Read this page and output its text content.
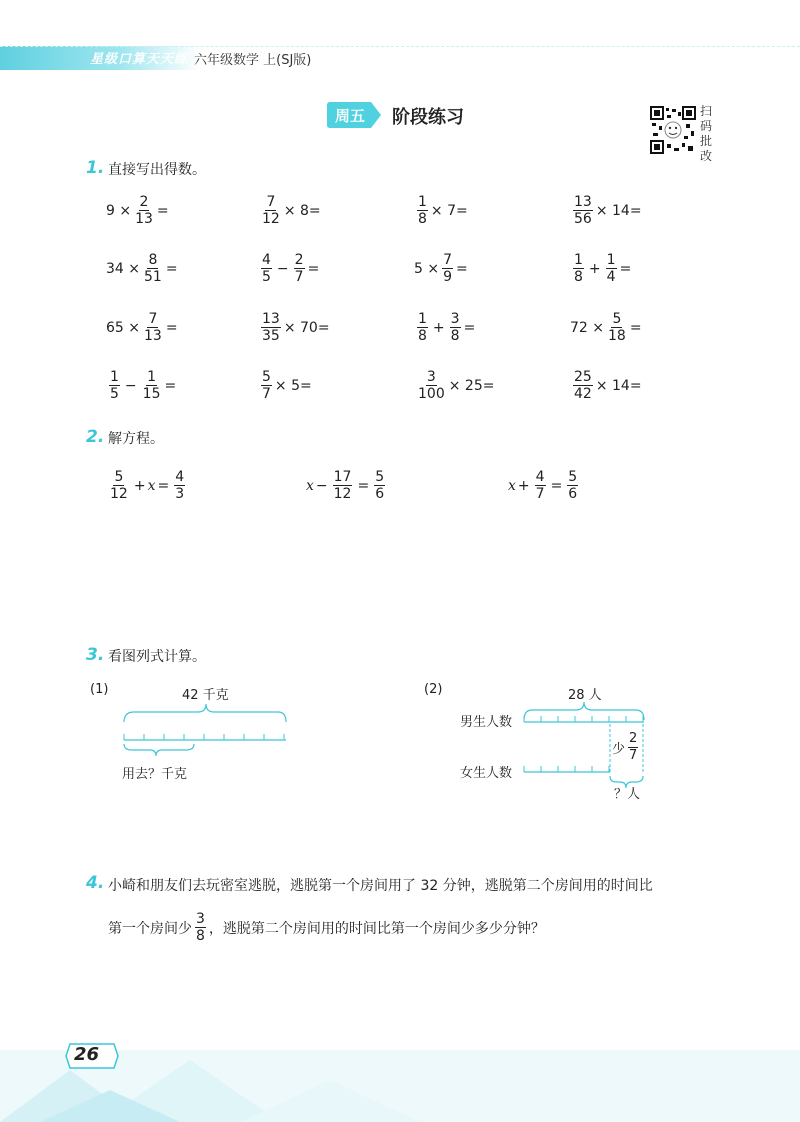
星级口算天天练 六年级数学 上(SJ版)
周五 阶段练习	扫
码
批
改
1. 直接写出得数。
$9 \times \frac{2}{13}$ =	$\frac{7}{12} \times 8=$	$\frac{1}{8} \times 7=$	$\frac{13}{56} \times 14=$
$34 \times \frac{8}{51}$ =	$\frac{4}{5} - \frac{2}{7}$ =	$5 \times \frac{7}{9}$ =	$\frac{1}{8} + \frac{1}{4}$ =
$65 \times \frac{7}{13}$ =	$\frac{13}{35} \times 70=$	$\frac{1}{8} + \frac{3}{8}$ =	$72 \times \frac{5}{18}$ =
$\frac{1}{5} - \frac{1}{15}$ =	$\frac{5}{7} \times 5=$	$\frac{3}{100} \times 25=$	$\frac{25}{42} \times 14=$
2. 解方程。
$\frac{5}{12} + x = \frac{4}{3}$	$x - \frac{17}{12} = \frac{5}{6}$	$x + \frac{4}{7} = \frac{5}{6}$
3. 看图列式计算。
(1)	42 千克
用去？千克
(2)	28 人
男生人数
女生人数
少 $\frac{2}{7}$
？人
4. 小崎和朋友们去玩密室逃脱，逃脱第一个房间用了 32 分钟，逃脱第二个房间用的时间比
第一个房间少 $\frac{3}{8}$ ，逃脱第二个房间用的时间比第一个房间少多少分钟？
26
